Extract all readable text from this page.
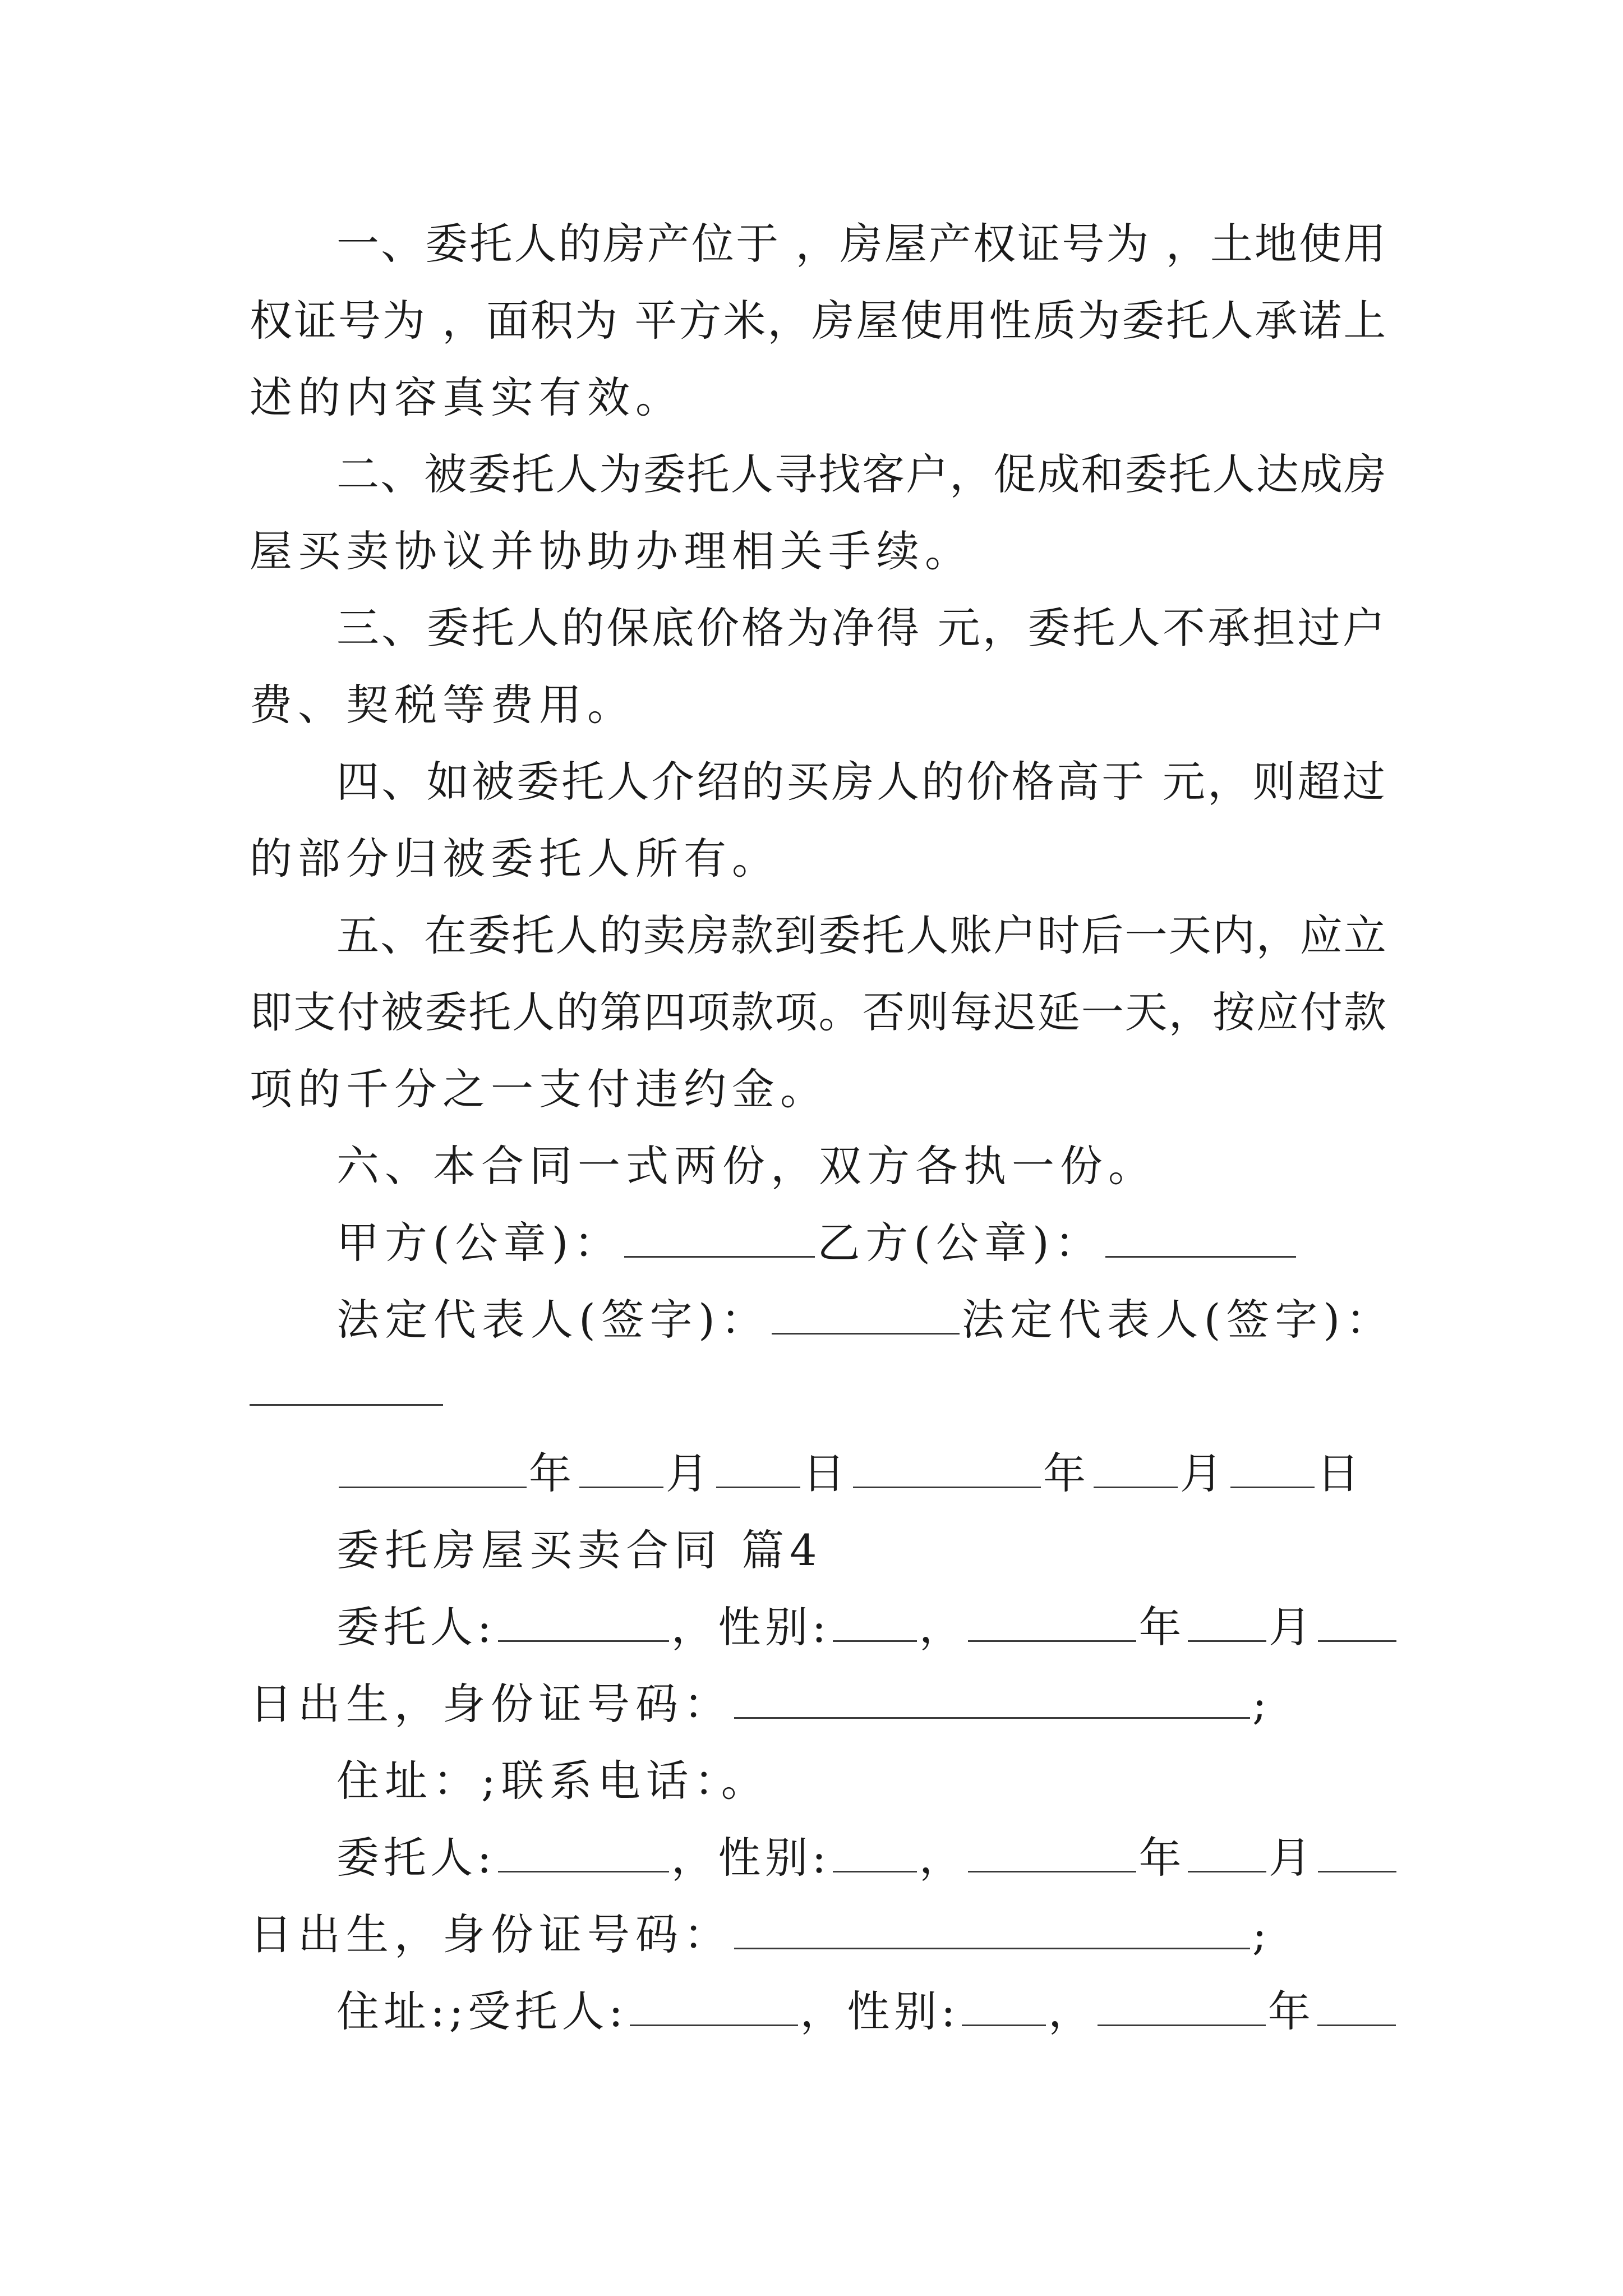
一、委托人的房产位于 ，房屋产权证号为 ，土地使用
权证号为 ，面积为 平方米，房屋使用性质为委托人承诺上
述的内容真实有效。
二、被委托人为委托人寻找客户，促成和委托人达成房
屋买卖协议并协助办理相关手续。
三、委托人的保底价格为净得 元，委托人不承担过户
费、契税等费用。
四、如被委托人介绍的买房人的价格高于 元，则超过
的部分归被委托人所有。
五、在委托人的卖房款到委托人账户时后一天内，应立
即支付被委托人的第四项款项。否则每迟延一天，按应付款
项的千分之一支付违约金。
六、本合同一式两份，双方各执一份。
甲方(公章)：	乙方(公章)：
法定代表人(签字)：	法定代表人(签字)：
年 月 日	年 月 日
委托房屋买卖合同 篇4
委托人:	，性别: ，	年 月
日出生，身份证号码：	;
住址：;联系电话：。
委托人:	，性别: ，	年 月
日出生，身份证号码：	;
住址:;受托人:	，性别: ，	年
